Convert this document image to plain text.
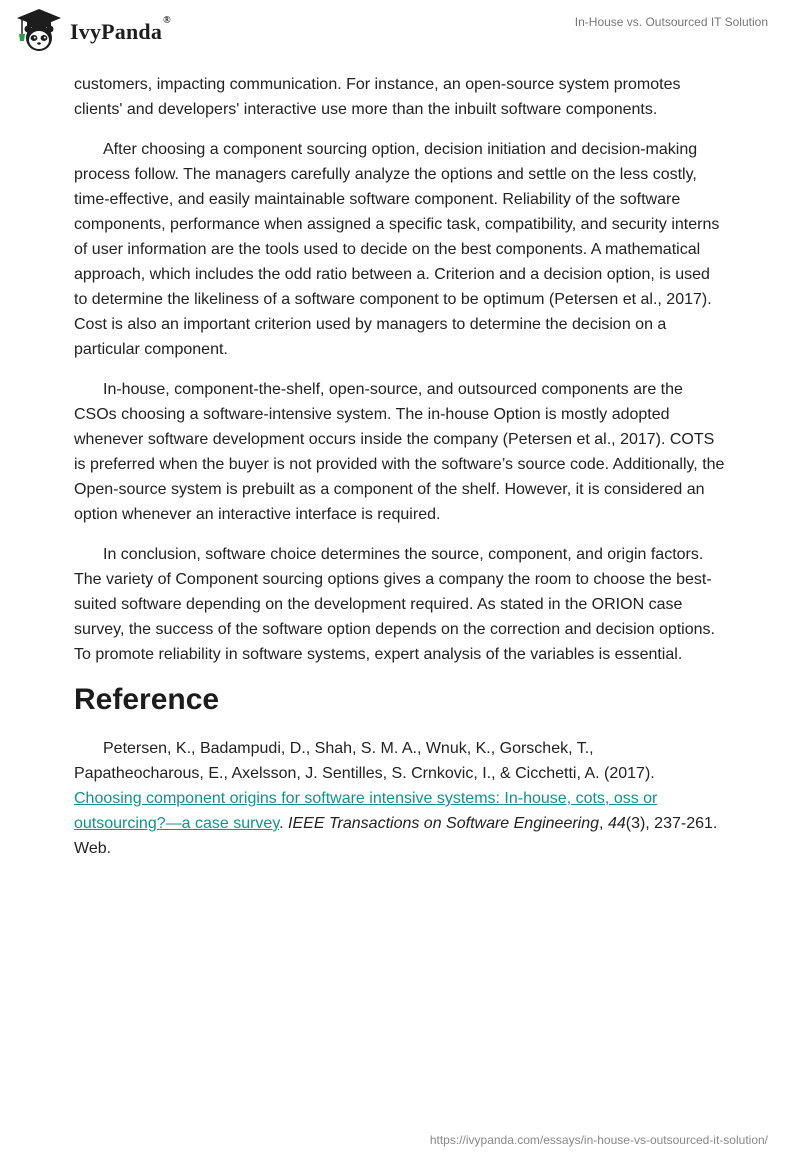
IvyPanda®	In-House vs. Outsourced IT Solution

customers, impacting communication. For instance, an open-source system promotes clients' and developers' interactive use more than the inbuilt software components.

After choosing a component sourcing option, decision initiation and decision-making process follow. The managers carefully analyze the options and settle on the less costly, time-effective, and easily maintainable software component. Reliability of the software components, performance when assigned a specific task, compatibility, and security interns of user information are the tools used to decide on the best components. A mathematical approach, which includes the odd ratio between a. Criterion and a decision option, is used to determine the likeliness of a software component to be optimum (Petersen et al., 2017). Cost is also an important criterion used by managers to determine the decision on a particular component.

In-house, component-the-shelf, open-source, and outsourced components are the CSOs choosing a software-intensive system. The in-house Option is mostly adopted whenever software development occurs inside the company (Petersen et al., 2017). COTS is preferred when the buyer is not provided with the software’s source code. Additionally, the Open-source system is prebuilt as a component of the shelf. However, it is considered an option whenever an interactive interface is required.

In conclusion, software choice determines the source, component, and origin factors. The variety of Component sourcing options gives a company the room to choose the best-suited software depending on the development required. As stated in the ORION case survey, the success of the software option depends on the correction and decision options. To promote reliability in software systems, expert analysis of the variables is essential.

Reference

Petersen, K., Badampudi, D., Shah, S. M. A., Wnuk, K., Gorschek, T., Papatheocharous, E., Axelsson, J. Sentilles, S. Crnkovic, I., & Cicchetti, A. (2017). Choosing component origins for software intensive systems: In-house, cots, oss or outsourcing?—a case survey. IEEE Transactions on Software Engineering, 44(3), 237-261. Web.

https://ivypanda.com/essays/in-house-vs-outsourced-it-solution/
